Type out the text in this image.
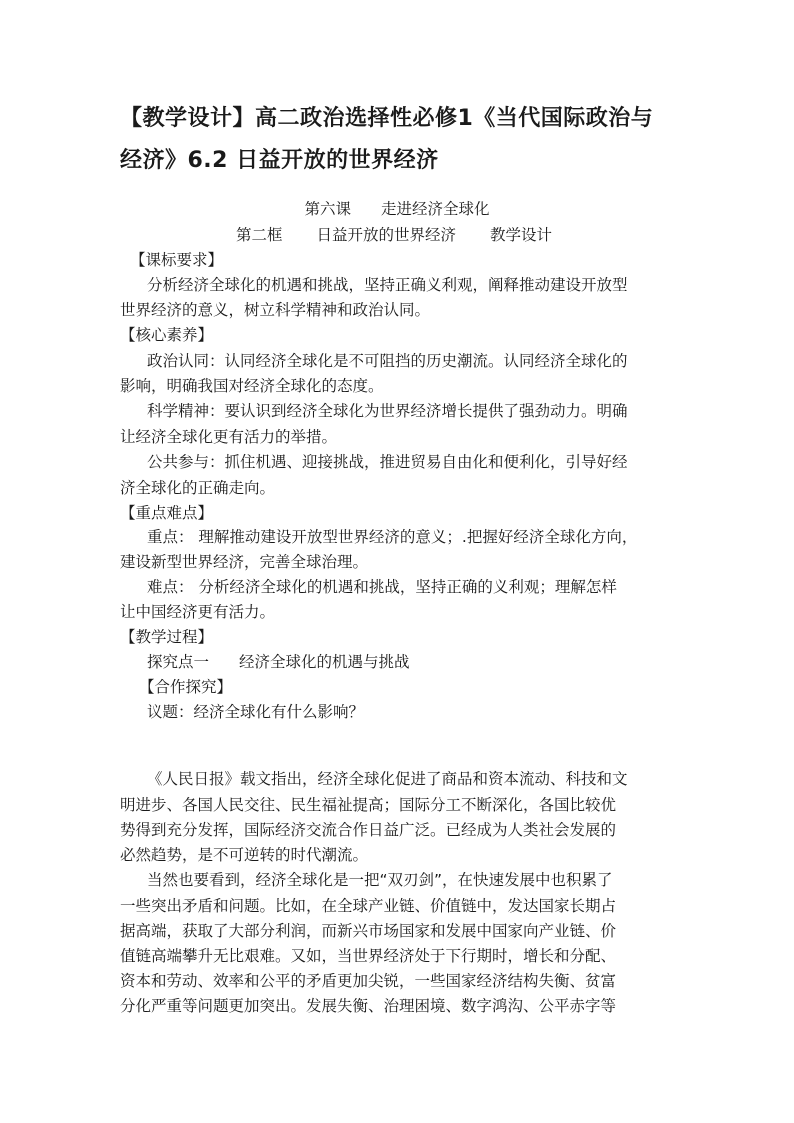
【教学设计】高二政治选择性必修1《当代国际政治与
经济》6.2 日益开放的世界经济
第六课 走进经济全球化
第二框 日益开放的世界经济 教学设计
【课标要求】
分析经济全球化的机遇和挑战，坚持正确义利观，阐释推动建设开放型
世界经济的意义，树立科学精神和政治认同。
【核心素养】
政治认同：认同经济全球化是不可阻挡的历史潮流。认同经济全球化的
影响，明确我国对经济全球化的态度。
科学精神：要认识到经济全球化为世界经济增长提供了强劲动力。明确
让经济全球化更有活力的举措。
公共参与：抓住机遇、迎接挑战，推进贸易自由化和便利化，引导好经
济全球化的正确走向。
【重点难点】
重点： 理解推动建设开放型世界经济的意义；.把握好经济全球化方向，
建设新型世界经济，完善全球治理。
难点： 分析经济全球化的机遇和挑战，坚持正确的义利观；理解怎样
让中国经济更有活力。
【教学过程】
探究点一 经济全球化的机遇与挑战
【合作探究】
议题：经济全球化有什么影响？
《人民日报》载文指出，经济全球化促进了商品和资本流动、科技和文
明进步、各国人民交往、民生福祉提高；国际分工不断深化，各国比较优
势得到充分发挥，国际经济交流合作日益广泛。已经成为人类社会发展的
必然趋势，是不可逆转的时代潮流。
当然也要看到，经济全球化是一把“双刃剑”，在快速发展中也积累了
一些突出矛盾和问题。比如，在全球产业链、价值链中，发达国家长期占
据高端，获取了大部分利润，而新兴市场国家和发展中国家向产业链、价
值链高端攀升无比艰难。又如，当世界经济处于下行期时，增长和分配、
资本和劳动、效率和公平的矛盾更加尖锐，一些国家经济结构失衡、贫富
分化严重等问题更加突出。发展失衡、治理困境、数字鸿沟、公平赤字等
